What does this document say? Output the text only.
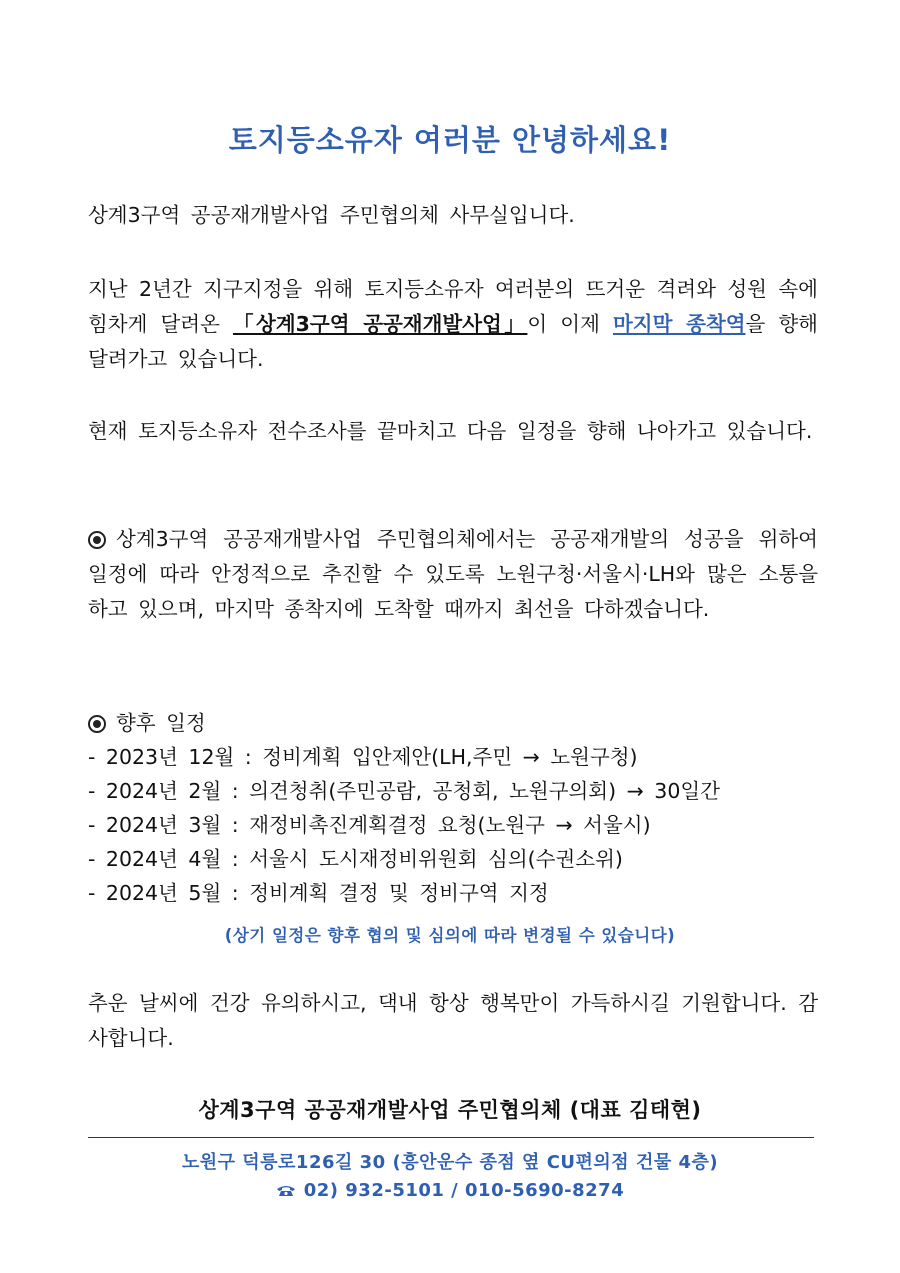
토지등소유자 여러분 안녕하세요!
상계3구역 공공재개발사업 주민협의체 사무실입니다.
지난 2년간 지구지정을 위해 토지등소유자 여러분의 뜨거운 격려와 성원 속에 힘차게 달려온 「상계3구역 공공재개발사업」이 이제 마지막 종착역을 향해 달려가고 있습니다.
현재 토지등소유자 전수조사를 끝마치고 다음 일정을 향해 나아가고 있습니다.
상계3구역 공공재개발사업 주민협의체에서는 공공재개발의 성공을 위하여 일정에 따라 안정적으로 추진할 수 있도록 노원구청·서울시·LH와 많은 소통을 하고 있으며, 마지막 종착지에 도착할 때까지 최선을 다하겠습니다.
향후 일정
- 2023년 12월 : 정비계획 입안제안(LH,주민 → 노원구청)
- 2024년 2월 : 의견청취(주민공람, 공청회, 노원구의회) → 30일간
- 2024년 3월 : 재정비촉진계획결정 요청(노원구 → 서울시)
- 2024년 4월 : 서울시 도시재정비위원회 심의(수권소위)
- 2024년 5월 : 정비계획 결정 및 정비구역 지정
(상기 일정은 향후 협의 및 심의에 따라 변경될 수 있습니다)
추운 날씨에 건강 유의하시고, 댁내 항상 행복만이 가득하시길 기원합니다. 감사합니다.
상계3구역 공공재개발사업 주민협의체 (대표 김태현)
노원구 덕릉로126길 30 (흥안운수 종점 옆 CU편의점 건물 4층)
02) 932-5101 / 010-5690-8274
